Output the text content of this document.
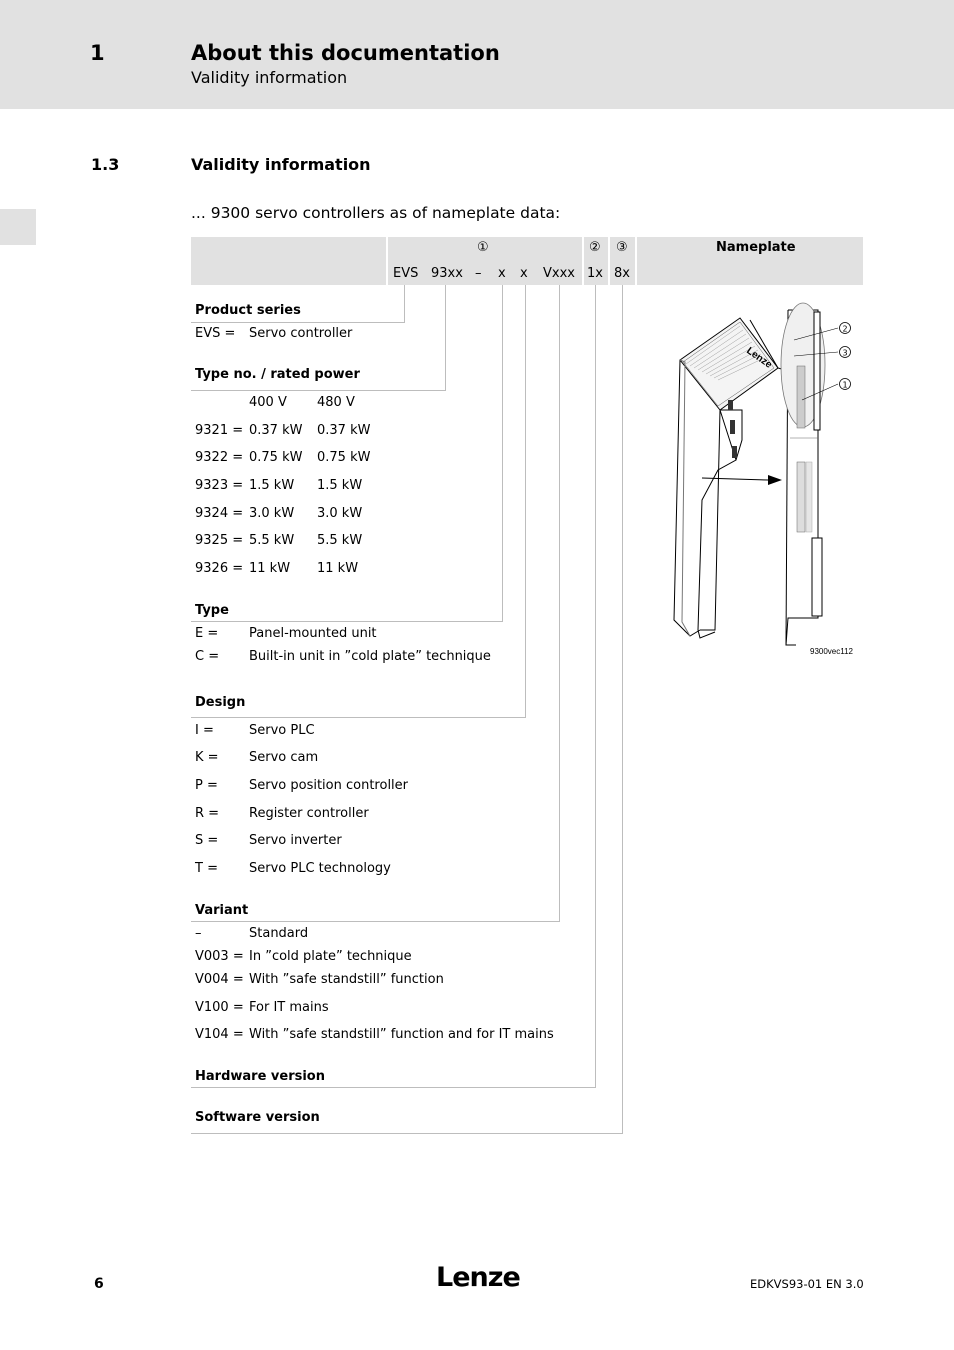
1	About this documentation
Validity information
1.3	Validity information
... 9300 servo controllers as of nameplate data:
①	② ③	Nameplate
EVS 93xx – x x Vxxx 1x 8x
Product series
EVS = Servo controller
Type no. / rated power
400 V 480 V
9321 = 0.37 kW 0.37 kW
9322 = 0.75 kW 0.75 kW
9323 = 1.5 kW 1.5 kW
9324 = 3.0 kW 3.0 kW
9325 = 5.5 kW 5.5 kW
9326 = 11 kW 11 kW
Type
E = Panel-mounted unit
C = Built-in unit in ”cold plate” technique
Design
I =	Servo PLC
K = Servo cam
P = Servo position controller
R = Register controller
S = Servo inverter
T = Servo PLC technology
Variant
–	Standard
V003 = In ”cold plate” technique
V004 = With ”safe standstill” function
V100 = For IT mains
V104 = With ”safe standstill” function and for IT mains
Hardware version
Software version
Lenze
2
3
1
9300vec112
6	Lenze	EDKVS93-01 EN 3.0
